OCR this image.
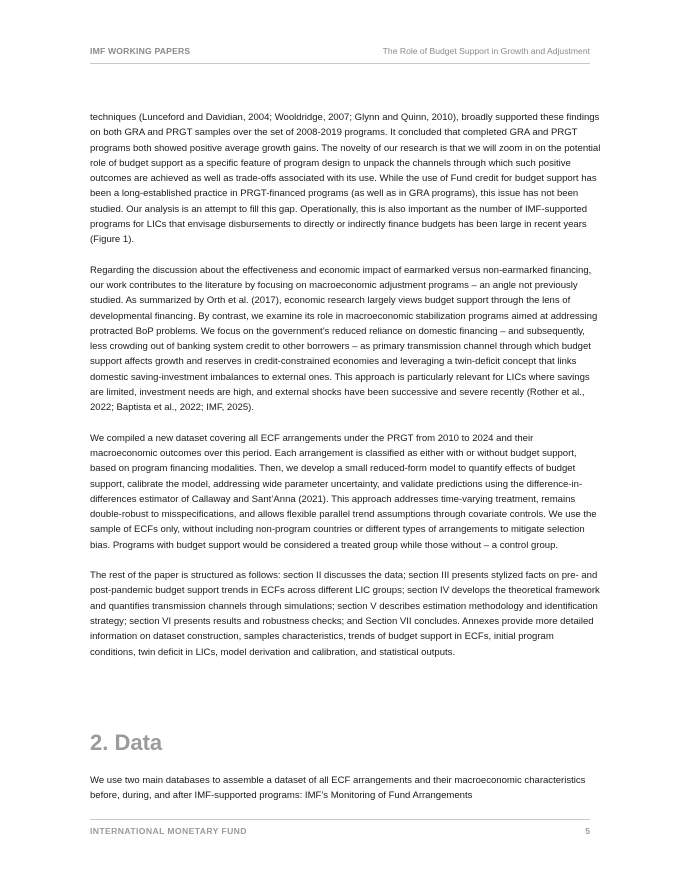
IMF WORKING PAPERS	The Role of Budget Support in Growth and Adjustment

techniques (Lunceford and Davidian, 2004; Wooldridge, 2007; Glynn and Quinn, 2010), broadly supported these findings on both GRA and PRGT samples over the set of 2008-2019 programs. It concluded that completed GRA and PRGT programs both showed positive average growth gains. The novelty of our research is that we will zoom in on the potential role of budget support as a specific feature of program design to unpack the channels through which such positive outcomes are achieved as well as trade-offs associated with its use. While the use of Fund credit for budget support has been a long-established practice in PRGT-financed programs (as well as in GRA programs), this issue has not been studied. Our analysis is an attempt to fill this gap. Operationally, this is also important as the number of IMF-supported programs for LICs that envisage disbursements to directly or indirectly finance budgets has been large in recent years (Figure 1).

Regarding the discussion about the effectiveness and economic impact of earmarked versus non-earmarked financing, our work contributes to the literature by focusing on macroeconomic adjustment programs – an angle not previously studied. As summarized by Orth et al. (2017), economic research largely views budget support through the lens of developmental financing. By contrast, we examine its role in macroeconomic stabilization programs aimed at addressing protracted BoP problems. We focus on the government’s reduced reliance on domestic financing – and subsequently, less crowding out of banking system credit to other borrowers – as primary transmission channel through which budget support affects growth and reserves in credit-constrained economies and leveraging a twin-deficit concept that links domestic saving-investment imbalances to external ones. This approach is particularly relevant for LICs where savings are limited, investment needs are high, and external shocks have been successive and severe recently (Rother et al., 2022; Baptista et al., 2022; IMF, 2025).

We compiled a new dataset covering all ECF arrangements under the PRGT from 2010 to 2024 and their macroeconomic outcomes over this period. Each arrangement is classified as either with or without budget support, based on program financing modalities. Then, we develop a small reduced-form model to quantify effects of budget support, calibrate the model, addressing wide parameter uncertainty, and validate predictions using the difference-in-differences estimator of Callaway and Sant’Anna (2021). This approach addresses time-varying treatment, remains double-robust to misspecifications, and allows flexible parallel trend assumptions through covariate controls. We use the sample of ECFs only, without including non-program countries or different types of arrangements to mitigate selection bias. Programs with budget support would be considered a treated group while those without – a control group.

The rest of the paper is structured as follows: section II discusses the data; section III presents stylized facts on pre- and post-pandemic budget support trends in ECFs across different LIC groups; section IV develops the theoretical framework and quantifies transmission channels through simulations; section V describes estimation methodology and identification strategy; section VI presents results and robustness checks; and Section VII concludes. Annexes provide more detailed information on dataset construction, samples characteristics, trends of budget support in ECFs, initial program conditions, twin deficit in LICs, model derivation and calibration, and statistical outputs.

2. Data

We use two main databases to assemble a dataset of all ECF arrangements and their macroeconomic characteristics before, during, and after IMF-supported programs: IMF’s Monitoring of Fund Arrangements

INTERNATIONAL MONETARY FUND	5
